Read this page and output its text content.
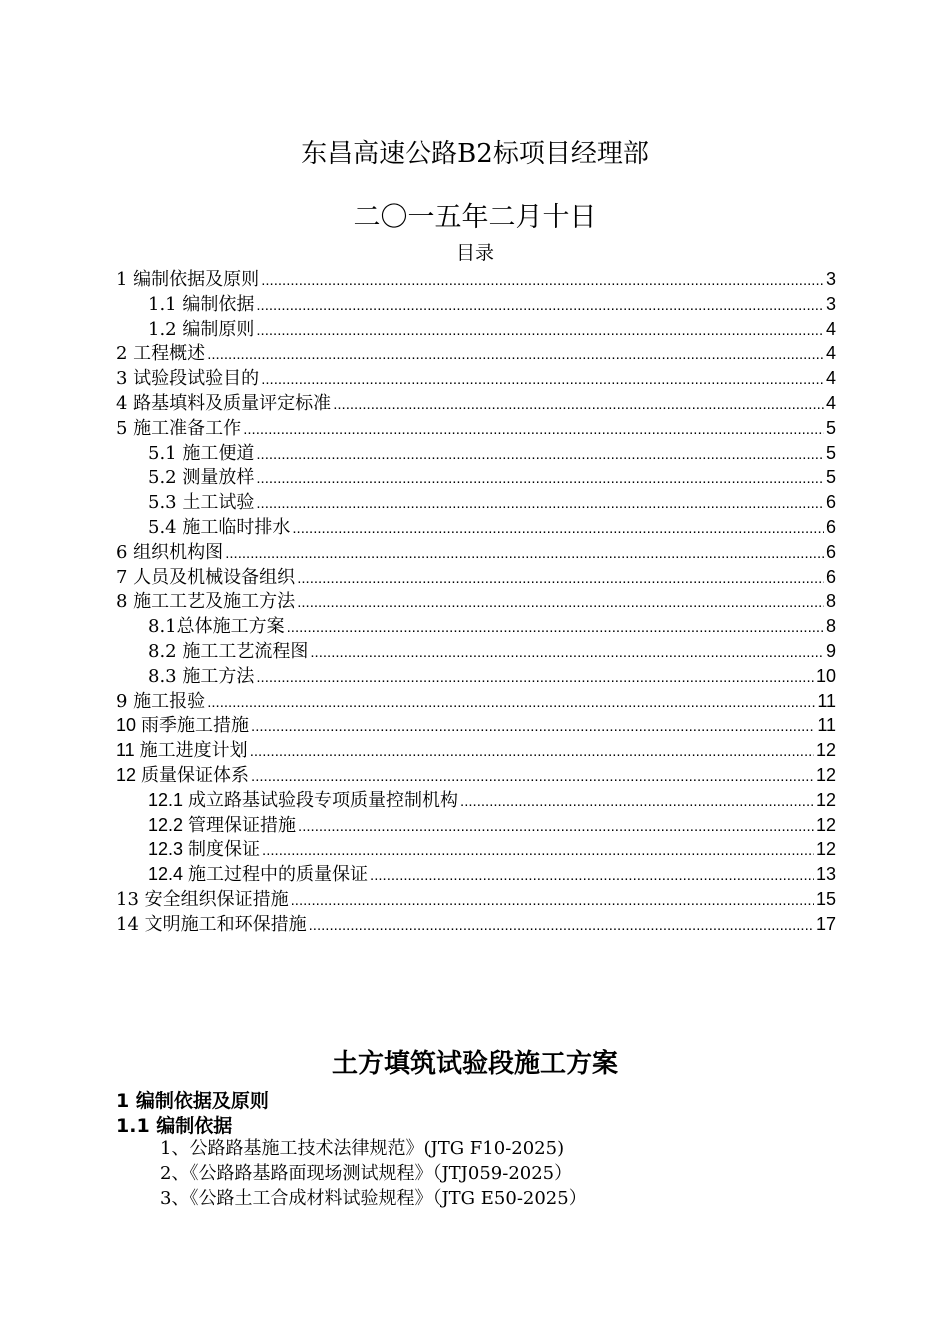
东昌高速公路B2标项目经理部
二〇一五年二月十日
目录
1 编制依据及原则 .....	3
1.1 编制依据 .....	3
1.2 编制原则 .....	4
2 工程概述 .....	4
3 试验段试验目的 .....	4
4 路基填料及质量评定标准 .....	4
5 施工准备工作 .....	5
5.1 施工便道 .....	5
5.2 测量放样 .....	5
5.3 土工试验 .....	6
5.4 施工临时排水 .....	6
6 组织机构图 .....	6
7 人员及机械设备组织 .....	6
8 施工工艺及施工方法 .....	8
8.1总体施工方案 .....	8
8.2 施工工艺流程图 .....	9
8.3 施工方法 .....	10
9 施工报验 .....	11
10 雨季施工措施 .....	11
11 施工进度计划 .....	12
12 质量保证体系 .....	12
12.1 成立路基试验段专项质量控制机构 .....	12
12.2 管理保证措施 .....	12
12.3 制度保证 .....	12
12.4 施工过程中的质量保证 .....	13
13 安全组织保证措施 .....	15
14 文明施工和环保措施 .....	17
土方填筑试验段施工方案
1 编制依据及原则
1.1 编制依据
1、公路路基施工技术法律规范》(JTG F10-2025)
2、《公路路基路面现场测试规程》（JTJ059-2025）
3、《公路土工合成材料试验规程》（JTG E50-2025）
